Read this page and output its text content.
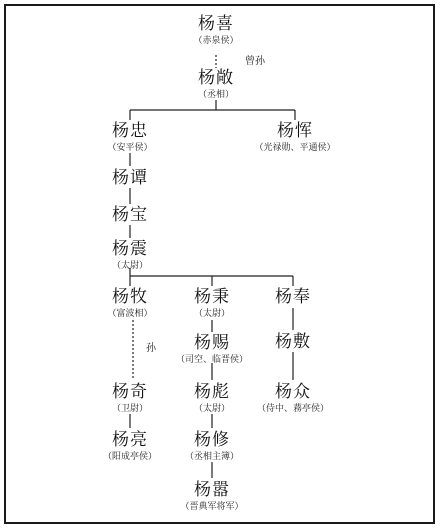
杨喜
（赤泉侯）
曾孙
杨敞
（丞相）
杨忠
（安平侯）
杨恽
（光禄勋、平通侯）
杨谭
杨宝
杨震
（太尉）
杨牧
（富波相）
杨秉
（太尉）
杨奉
杨赐
（司空、临晋侯）
杨敷
孙
杨奇
（卫尉）
杨彪
（太尉）
杨众
（侍中、蓩亭侯）
杨亮
（阳成亭侯）
杨修
（丞相主簿）
杨嚣
（晋典军将军）
